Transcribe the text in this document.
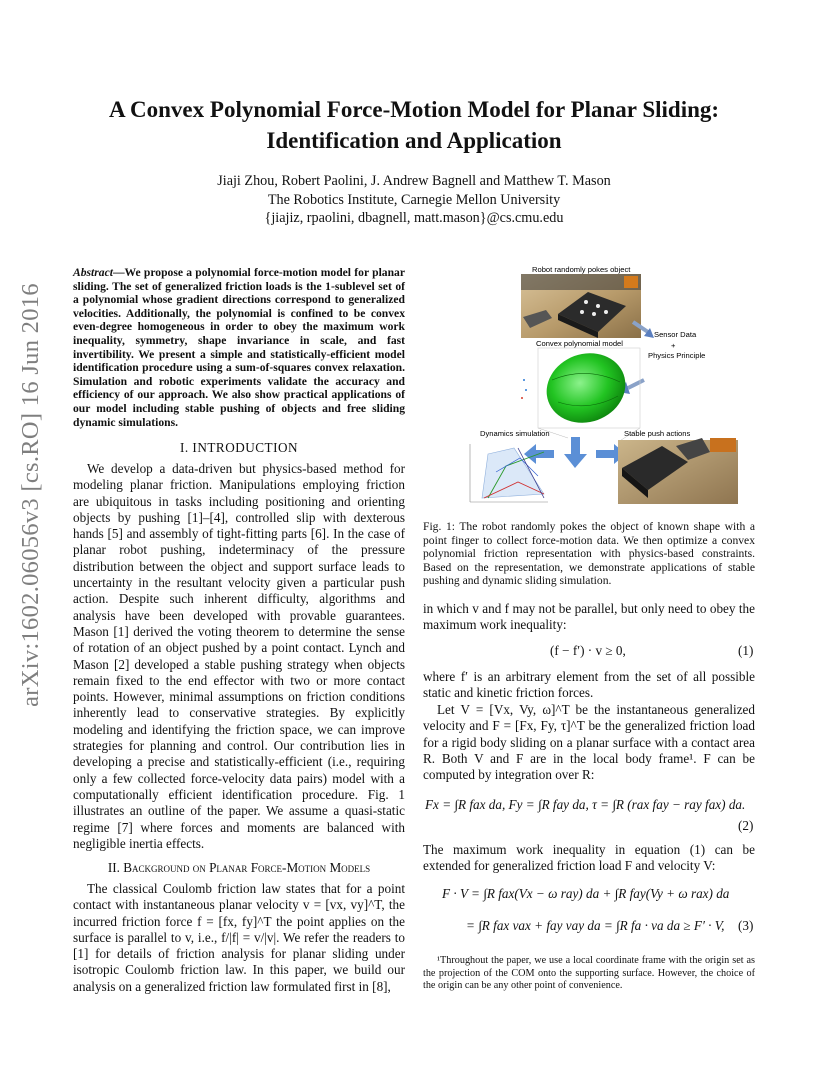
arXiv:1602.06056v3 [cs.RO] 16 Jun 2016
A Convex Polynomial Force-Motion Model for Planar Sliding:
Identification and Application
Jiaji Zhou, Robert Paolini, J. Andrew Bagnell and Matthew T. Mason
The Robotics Institute, Carnegie Mellon University
{jiajiz, rpaolini, dbagnell, matt.mason}@cs.cmu.edu
Abstract—We propose a polynomial force-motion model for planar sliding. The set of generalized friction loads is the 1-sublevel set of a polynomial whose gradient directions correspond to generalized velocities. Additionally, the polynomial is confined to be convex even-degree homogeneous in order to obey the maximum work inequality, symmetry, shape invariance in scale, and fast invertibility. We present a simple and statistically-efficient model identification procedure using a sum-of-squares convex relaxation. Simulation and robotic experiments validate the accuracy and efficiency of our approach. We also show practical applications of our model including stable pushing of objects and free sliding dynamic simulations.
I. INTRODUCTION

We develop a data-driven but physics-based method for modeling planar friction. Manipulations employing friction are ubiquitous in tasks including positioning and orienting objects by pushing [1]–[4], controlled slip with dexterous hands [5] and assembly of tight-fitting parts [6]. In the case of planar robot pushing, indeterminacy of the pressure distribution between the object and support surface leads to uncertainty in the resultant velocity given a particular push action. Despite such inherent difficulty, algorithms and analysis have been developed with provable guarantees. Mason [1] derived the voting theorem to determine the sense of rotation of an object pushed by a point contact. Lynch and Mason [2] developed a stable pushing strategy when objects remain fixed to the end effector with two or more contact points. However, minimal assumptions on friction conditions inherently lead to conservative strategies. By explicitly modeling and identifying the friction space, we can improve strategies for planning and control. Our contribution lies in developing a precise and statistically-efficient (i.e., requiring only a few collected force-velocity data pairs) model with a computationally efficient identification procedure. Fig. 1 illustrates an outline of the paper. We assume a quasi-static regime [7] where forces and moments are balanced with negligible inertia effects.

II. Background on Planar Force-Motion Models

The classical Coulomb friction law states that for a point contact with instantaneous planar velocity v = [vx, vy]^T, the incurred friction force f = [fx, fy]^T the point applies on the surface is parallel to v, i.e., f/|f| = v/|v|. We refer the readers to [1] for details of friction analysis for planar sliding under isotropic Coulomb friction law. In this paper, we build our analysis on a generalized friction law formulated first in [8],

Robot randomly pokes object
Sensor Data
+
Physics Principle
Convex polynomial model
Dynamics simulation	Stable push actions
Fig. 1: The robot randomly pokes the object of known shape with a point finger to collect force-motion data. We then optimize a convex polynomial friction representation with physics-based constraints. Based on the representation, we demonstrate applications of stable pushing and dynamic sliding simulation.
in which v and f may not be parallel, but only need to obey the maximum work inequality:
(f − f′) · v ≥ 0,	(1)
where f′ is an arbitrary element from the set of all possible static and kinetic friction forces.
Let V = [Vx, Vy, ω]^T be the instantaneous generalized velocity and F = [Fx, Fy, τ]^T be the generalized friction load for a rigid body sliding on a planar surface with a contact area R. Both V and F are in the local body frame¹. F can be computed by integration over R:
Fx = ∫R fax da, Fy = ∫R fay da, τ = ∫R (rax fay − ray fax) da.
(2)
The maximum work inequality in equation (1) can be extended for generalized friction load F and velocity V:
F · V = ∫R fax(Vx − ω ray) da + ∫R fay(Vy + ω rax) da
= ∫R fax vax + fay vay da = ∫R fa · va da ≥ F′ · V, (3)
¹Throughout the paper, we use a local coordinate frame with the origin set as the projection of the COM onto the supporting surface. However, the choice of the origin can be any other point of convenience.
